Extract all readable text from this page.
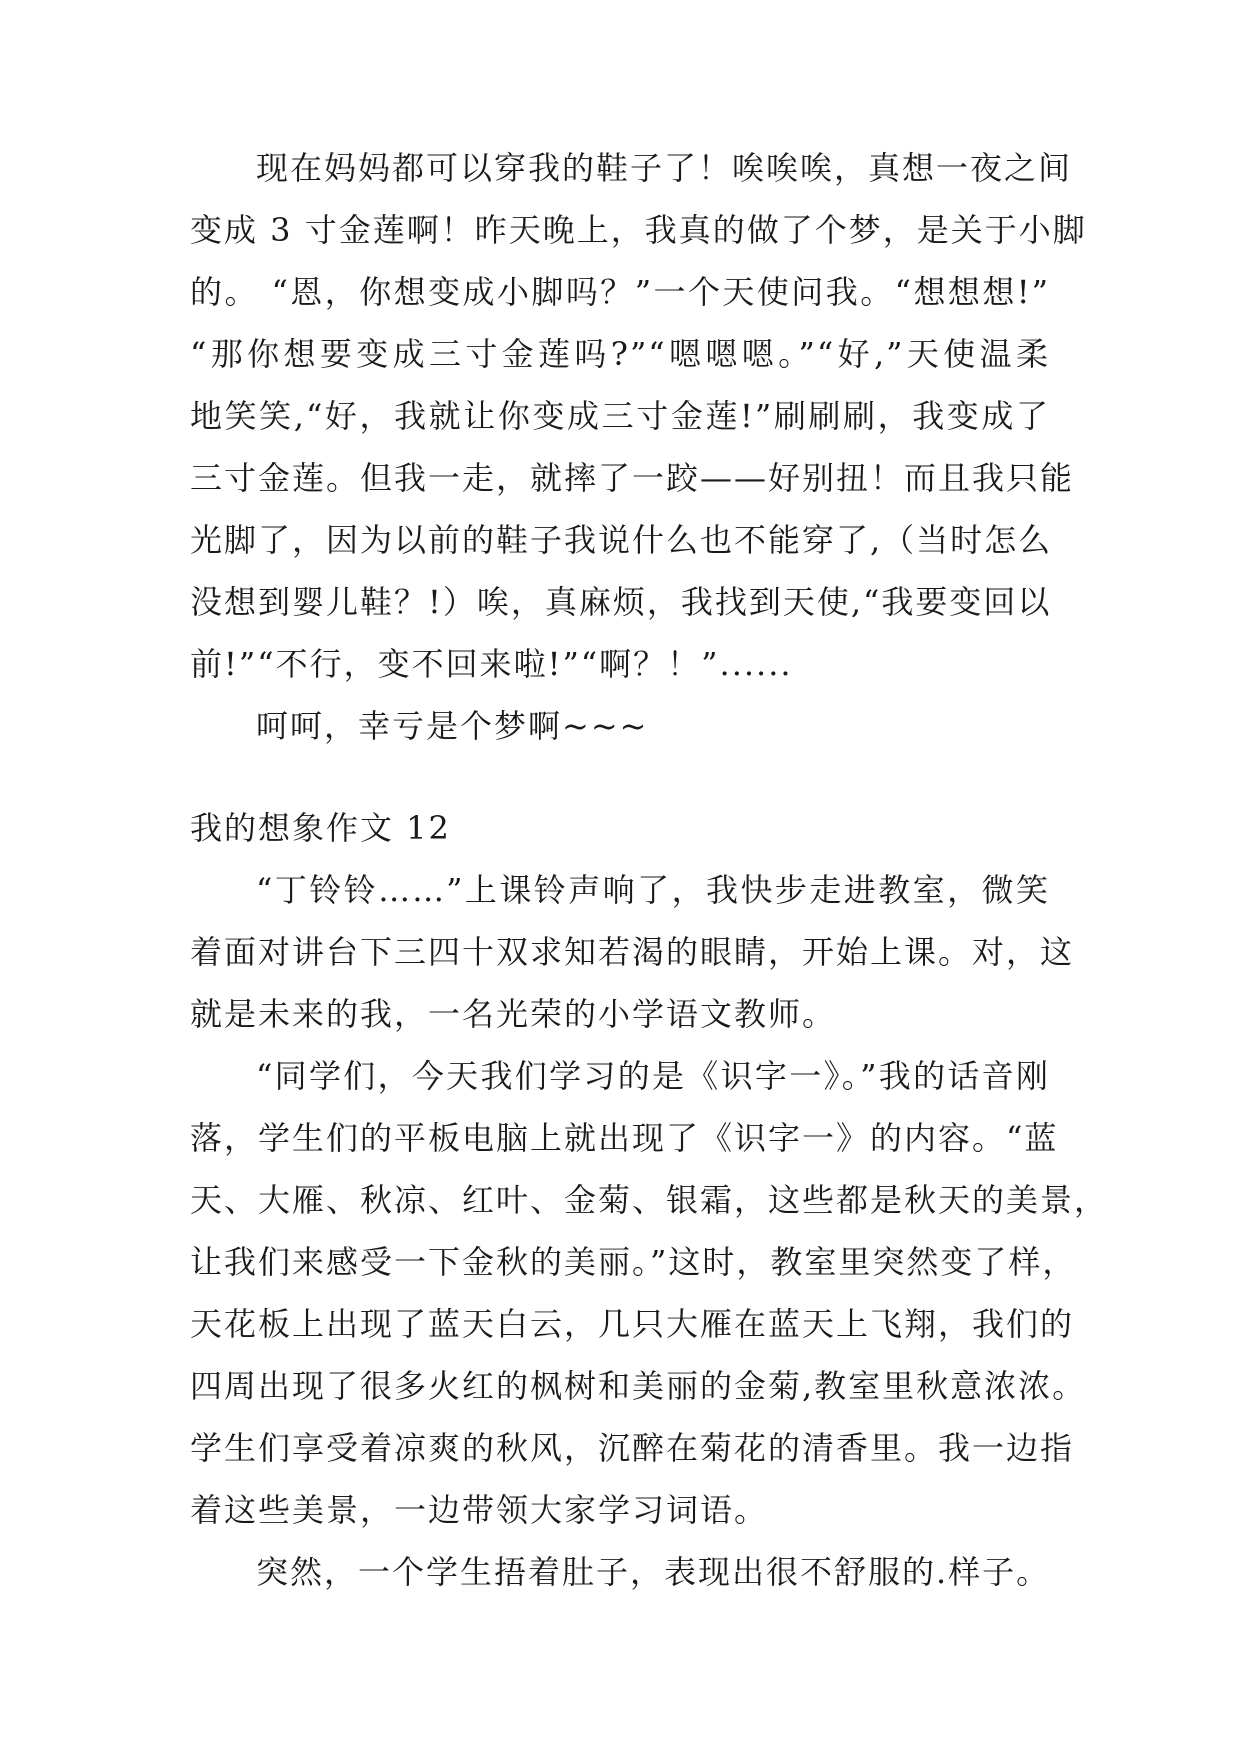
现在妈妈都可以穿我的鞋子了！唉唉唉，真想一夜之间
变成 3 寸金莲啊！昨天晚上，我真的做了个梦，是关于小脚
的。 “恩，你想变成小脚吗？”一个天使问我。“想想想!”
“那你想要变成三寸金莲吗?”“嗯嗯嗯。”“好,”天使温柔
地笑笑,“好，我就让你变成三寸金莲!”刷刷刷，我变成了
三寸金莲。但我一走，就摔了一跤——好别扭！而且我只能
光脚了，因为以前的鞋子我说什么也不能穿了,（当时怎么
没想到婴儿鞋？!）唉，真麻烦，我找到天使,“我要变回以
前!”“不行，变不回来啦!”“啊？！”......
呵呵，幸亏是个梦啊~~~
我的想象作文 12
“丁铃铃……”上课铃声响了，我快步走进教室，微笑
着面对讲台下三四十双求知若渴的眼睛，开始上课。对，这
就是未来的我，一名光荣的小学语文教师。
“同学们，今天我们学习的是《识字一》。”我的话音刚
落，学生们的平板电脑上就出现了《识字一》的内容。“蓝
天、大雁、秋凉、红叶、金菊、银霜，这些都是秋天的美景，
让我们来感受一下金秋的美丽。”这时，教室里突然变了样，
天花板上出现了蓝天白云，几只大雁在蓝天上飞翔，我们的
四周出现了很多火红的枫树和美丽的金菊,教室里秋意浓浓。
学生们享受着凉爽的秋风，沉醉在菊花的清香里。我一边指
着这些美景，一边带领大家学习词语。
突然，一个学生捂着肚子，表现出很不舒服的.样子。
